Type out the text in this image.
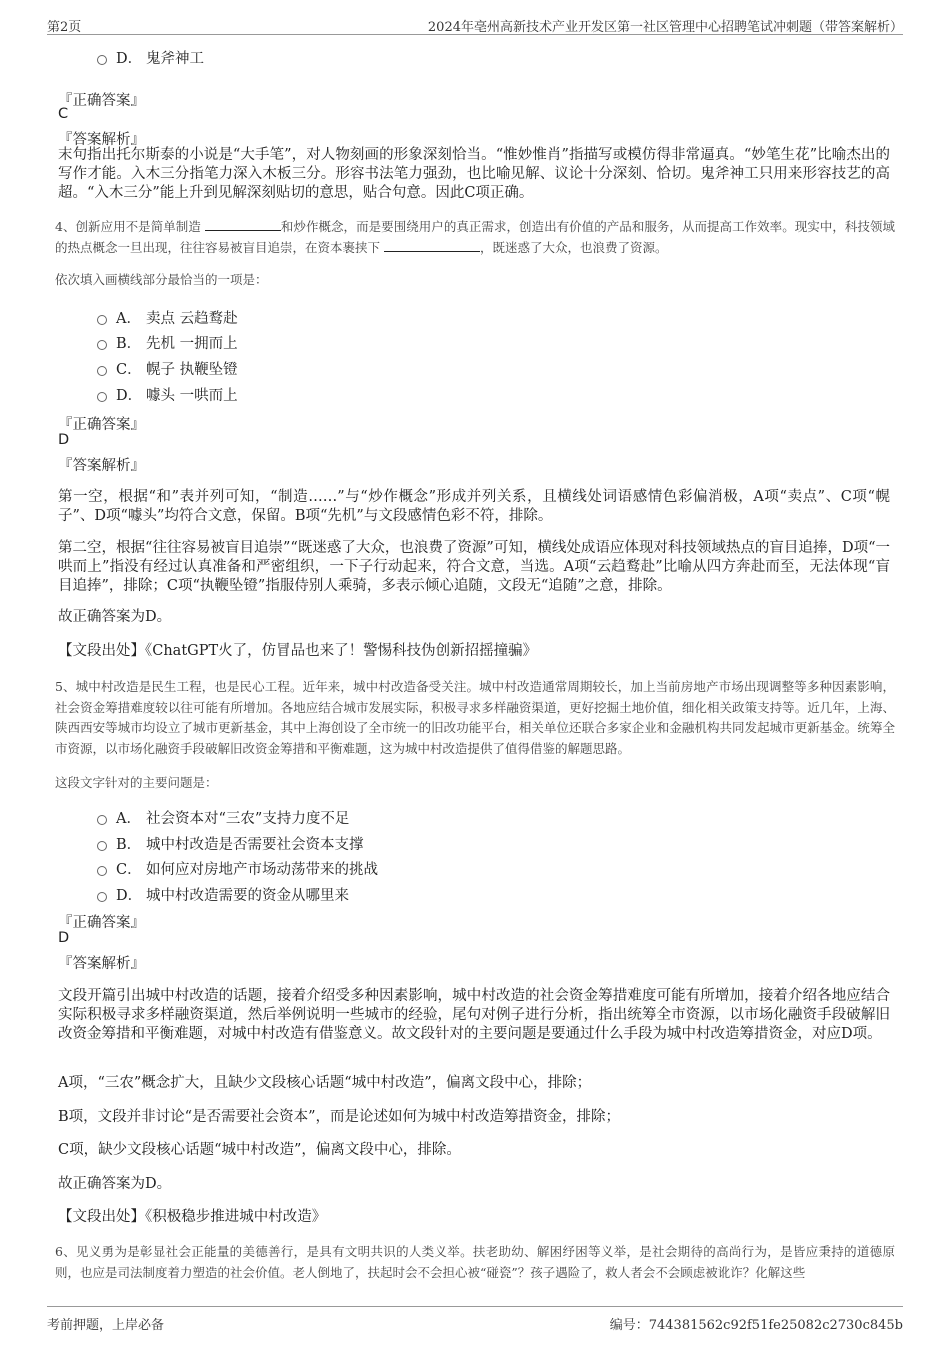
第2页	2024年亳州高新技术产业开发区第一社区管理中心招聘笔试冲刺题（带答案解析）
D． 鬼斧神工
『正确答案』
C
『答案解析』
末句指出托尔斯泰的小说是“大手笔”，对人物刻画的形象深刻恰当。“惟妙惟肖”指描写或模仿得非常逼真。“妙笔生花”比喻杰出的写作才能。入木三分指笔力深入木板三分。形容书法笔力强劲，也比喻见解、议论十分深刻、恰切。鬼斧神工只用来形容技艺的高超。“入木三分”能上升到见解深刻贴切的意思，贴合句意。因此C项正确。
4、创新应用不是简单制造	和炒作概念，而是要围绕用户的真正需求，创造出有价值的产品和服务，从而提高工作效率。现实中，科技领域的热点概念一旦出现，往往容易被盲目追崇，在资本裹挟下	，既迷惑了大众，也浪费了资源。
依次填入画横线部分最恰当的一项是：
A． 卖点 云趋鹜赴
B． 先机 一拥而上
C． 幌子 执鞭坠镫
D． 噱头 一哄而上
『正确答案』
D
『答案解析』
第一空，根据“和”表并列可知，“制造……”与“炒作概念”形成并列关系，且横线处词语感情色彩偏消极，A项“卖点”、C项“幌子”、D项“噱头”均符合文意，保留。B项“先机”与文段感情色彩不符，排除。
第二空，根据“往往容易被盲目追崇”“既迷惑了大众，也浪费了资源”可知，横线处成语应体现对科技领域热点的盲目追捧，D项“一哄而上”指没有经过认真准备和严密组织，一下子行动起来，符合文意，当选。A项“云趋鹜赴”比喻从四方奔赴而至，无法体现“盲目追捧”，排除；C项“执鞭坠镫”指服侍别人乘骑，多表示倾心追随，文段无“追随”之意，排除。
故正确答案为D。
【文段出处】《ChatGPT火了，仿冒品也来了！警惕科技伪创新招摇撞骗》
5、城中村改造是民生工程，也是民心工程。近年来，城中村改造备受关注。城中村改造通常周期较长，加上当前房地产市场出现调整等多种因素影响，社会资金筹措难度较以往可能有所增加。各地应结合城市发展实际，积极寻求多样融资渠道，更好挖掘土地价值，细化相关政策支持等。近几年，上海、陕西西安等城市均设立了城市更新基金，其中上海创设了全市统一的旧改功能平台，相关单位还联合多家企业和金融机构共同发起城市更新基金。统筹全市资源，以市场化融资手段破解旧改资金筹措和平衡难题，这为城中村改造提供了值得借鉴的解题思路。
这段文字针对的主要问题是：
A． 社会资本对“三农”支持力度不足
B． 城中村改造是否需要社会资本支撑
C． 如何应对房地产市场动荡带来的挑战
D． 城中村改造需要的资金从哪里来
『正确答案』
D
『答案解析』
文段开篇引出城中村改造的话题，接着介绍受多种因素影响，城中村改造的社会资金筹措难度可能有所增加，接着介绍各地应结合实际积极寻求多样融资渠道，然后举例说明一些城市的经验，尾句对例子进行分析，指出统筹全市资源，以市场化融资手段破解旧改资金筹措和平衡难题，对城中村改造有借鉴意义。故文段针对的主要问题是要通过什么手段为城中村改造筹措资金，对应D项。
A项，“三农”概念扩大，且缺少文段核心话题“城中村改造”，偏离文段中心，排除；
B项，文段并非讨论“是否需要社会资本”，而是论述如何为城中村改造筹措资金，排除；
C项，缺少文段核心话题“城中村改造”，偏离文段中心，排除。
故正确答案为D。
【文段出处】《积极稳步推进城中村改造》
6、见义勇为是彰显社会正能量的美德善行，是具有文明共识的人类义举。扶老助幼、解困纾困等义举，是社会期待的高尚行为，是皆应秉持的道德原则，也应是司法制度着力塑造的社会价值。老人倒地了，扶起时会不会担心被“碰瓷”？孩子遇险了，救人者会不会顾虑被讹诈？化解这些
考前押题，上岸必备	编号：744381562c92f51fe25082c2730c845b
